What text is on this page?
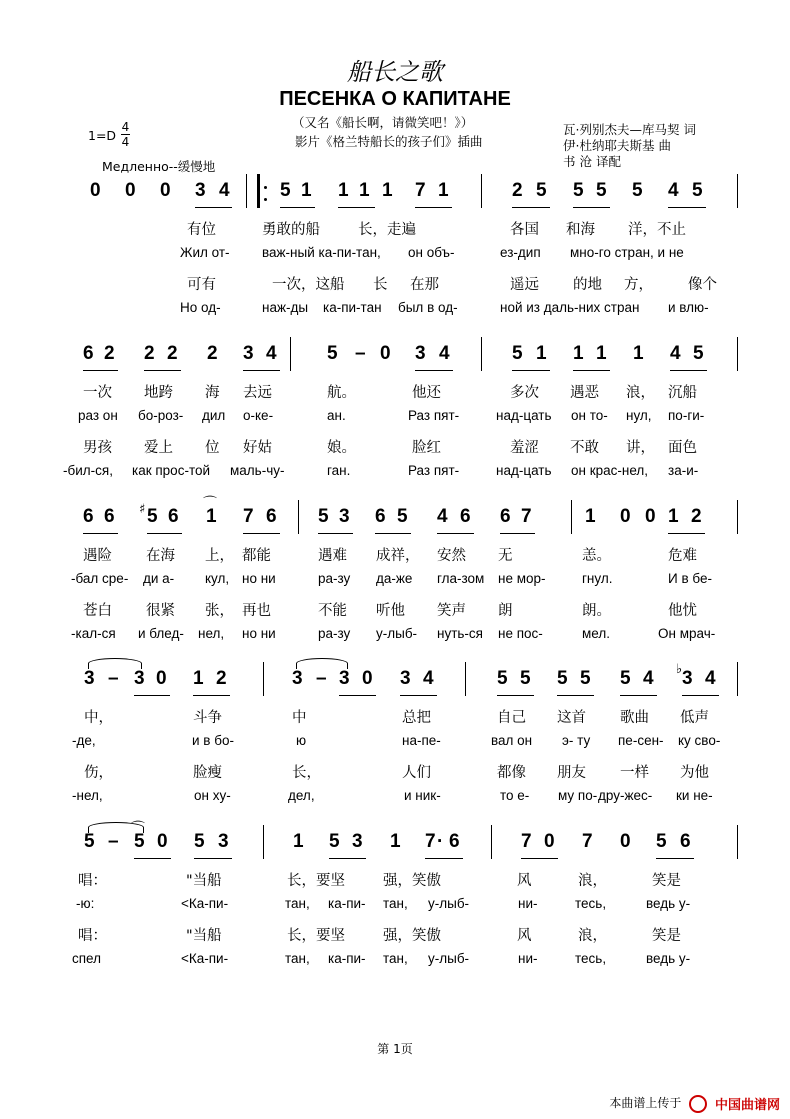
船长之歌
ПЕСЕНКА О КАПИТАНЕ
（又名《船长啊，请微笑吧！》）
影片《格兰特船长的孩子们》插曲
$1=D \frac{4}{4}$
Медленно--缓慢地
瓦·列别杰夫—库马契 词
伊·杜纳耶夫斯基 曲
书 沧 译配
0 0 0 3 4	5 1 1 1 1 7 1	2 5 5 5 5 4 5
有位	勇敢的船	长，走遍	各国 和海 洋，不止
Жил от- важ-ный ка-пи-тан, он объ-	ез-дип мно-го стран, и не
可有	一次，这船 长 在那	遥远 的地 方， 像个
Но од-	наж-ды ка-пи-тан был в од-	ной из даль-них стран и влю-
6 2 2 2 2 3 4	5 – 0 3 4	5 1 1 1 1 4 5
一次 地跨 海 去远	航。	他还	多次 遇恶 浪， 沉船
раз он бо-роз- дил о-ке-	ан.	Раз пят-	над-цать он то- нул, по-ги-
男孩 爱上 位 好姑	娘。	脸红	羞涩 不敢 讲， 面色
-бил-ся, как прос-той маль-чу-	ган.	Раз пят-	над-цать он крас-нел, за-и-
6 6 5 6 1 7 6 5 3 6 5 4 6 6 7	1 0 0 1 2
遇险 在海 上， 都能	遇难 成祥， 安然 无	恙。	危难
-бал сре- ди а- кул, но ни	ра-зу да-же гла-зом не мор-	гнул.	И в бе-
苍白 很紧 张， 再也	不能 听他 笑声 朗	朗。	他忧
-кал-ся и блед- нел, но ни	ра-зу у-лыб- нуть-ся не пос-	мел.	Он мрач-
3 – 3 0 1 2	3 – 3 0 3 4	5 5 5 5 5 4 3 4
中，	斗争	中	总把	自己 这首 歌曲 低声
-де,	и в бо-	ю	на-пе-	вал он э- ту пе-сен- ку сво-
伤，	脸瘦	长，	人们	都像 朋友 一样 为他
-нел,	он ху-	дел,	и ник-	то е- му по- дру-жес- ки не-
5 – 5 0 5 3	1 5 3 1 7 6	7 0 7 0 5 6
·
唱：	"当船	长，要坚	强，笑傲	风	浪，	笑是
-ю:	<Ка-пи-	тан, ка-пи- тан, у-лыб-	ни-	тесь,	ведь у-
唱：	"当船	长，要坚	强，笑傲	风	浪，	笑是
спел	<Ка-пи-	тан, ка-пи- тан, у-лыб-	ни-	тесь,	ведь у-
⌒
⌒
♯
♭
第 1页
本曲谱上传于	中国曲谱网
